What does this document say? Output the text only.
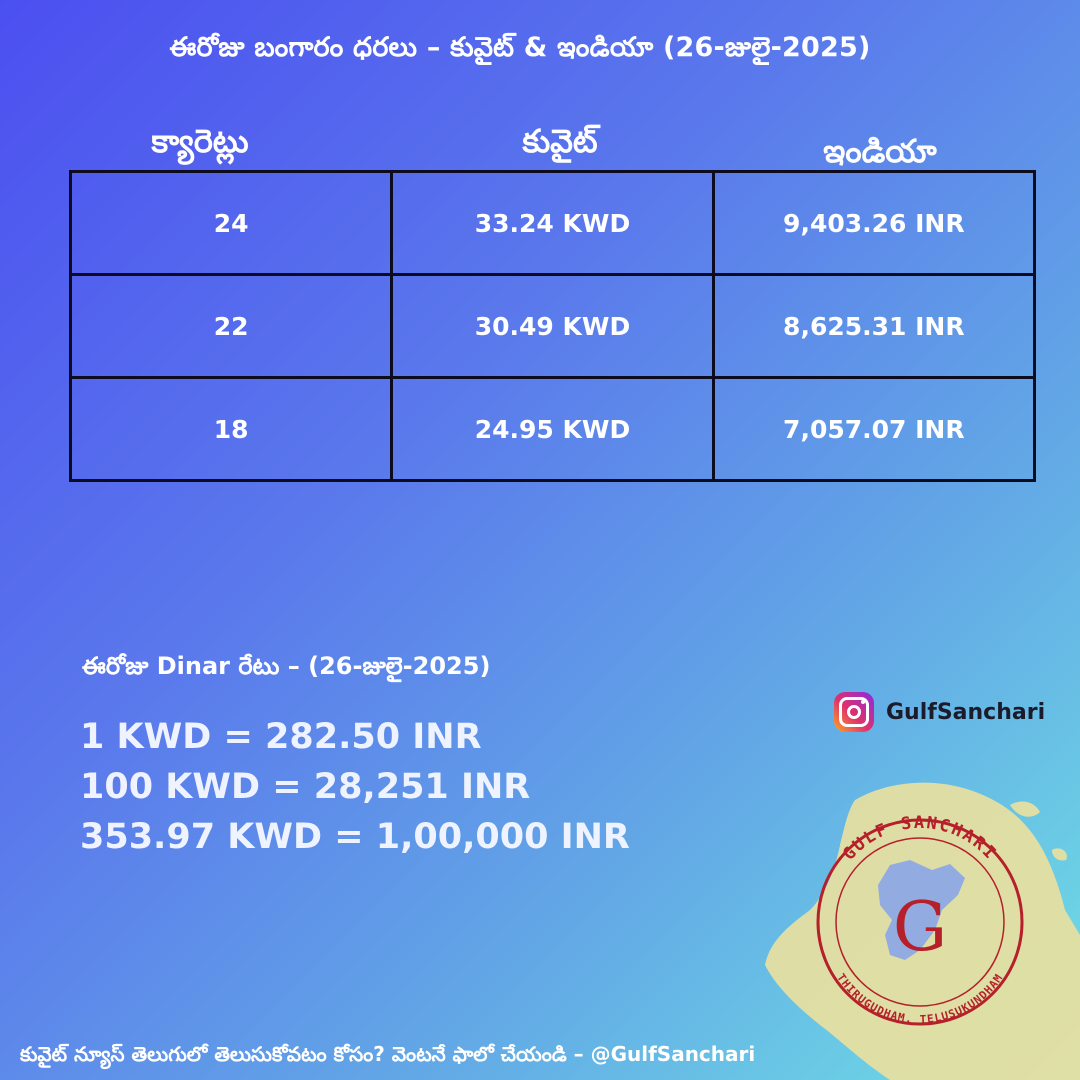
ఈరోజు బంగారం ధరలు – కువైట్ & ఇండియా (26-జులై-2025)
క్యారెట్లు	కువైట్	ఇండియా
24	33.24 KWD	9,403.26 INR
22	30.49 KWD	8,625.31 INR
18	24.95 KWD	7,057.07 INR
ఈరోజు Dinar రేటు – (26-జులై-2025)
1 KWD = 282.50 INR
100 KWD = 28,251 INR
353.97 KWD = 1,00,000 INR
GulfSanchari
G
GULF SANCHARI
THIRUGUDHAM. TELUSUKUNDHAM
కువైట్ న్యూస్ తెలుగులో తెలుసుకోవటం కోసం? వెంటనే ఫాలో చేయండి – @GulfSanchari
